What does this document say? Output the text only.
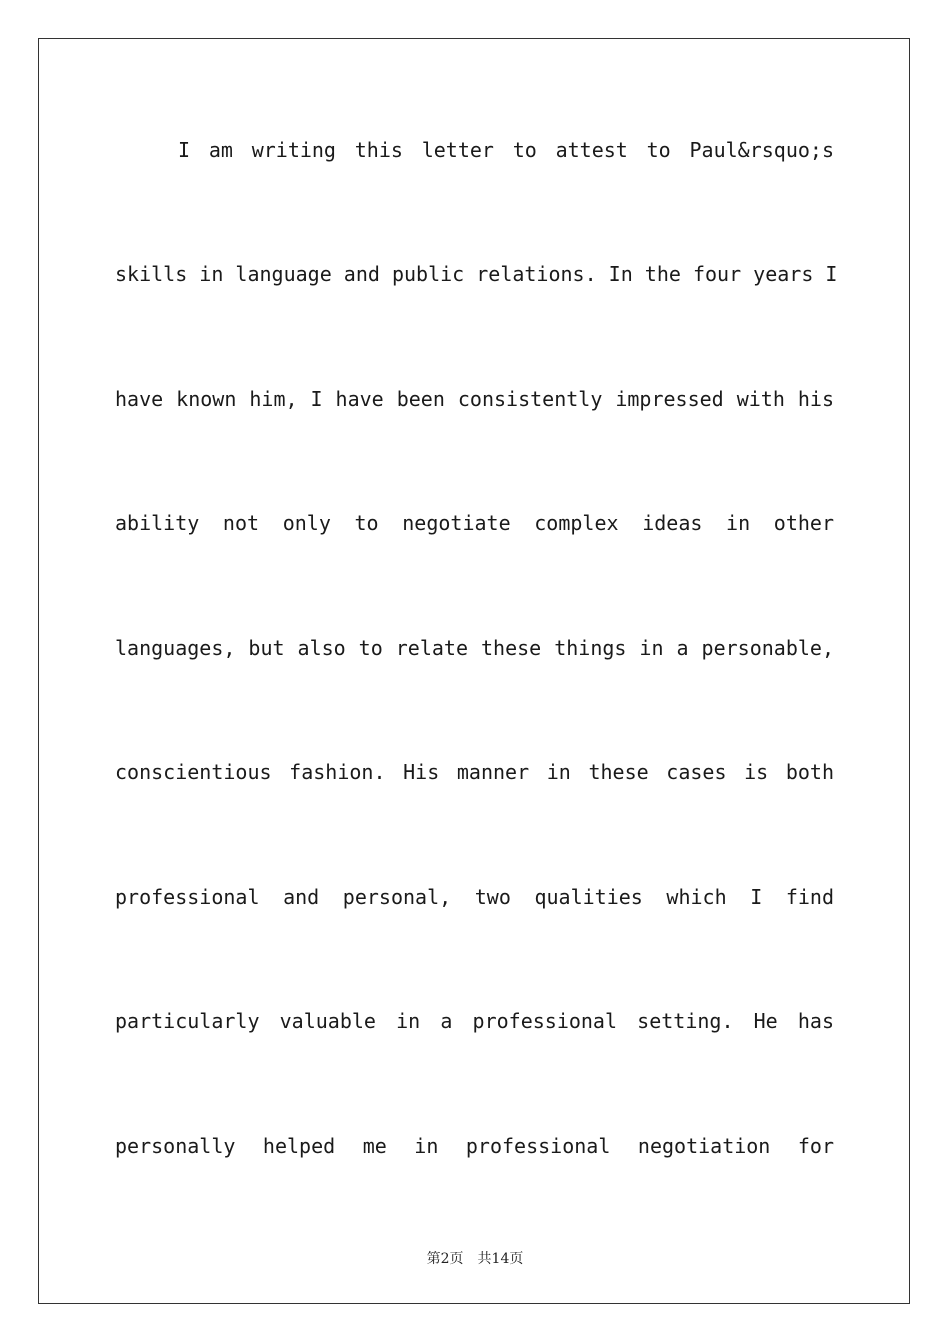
I am writing this letter to attest to Paul&rsquo;s
skills in language and public relations. In the four years I
have known him, I have been consistently impressed with his
ability not only to negotiate complex ideas in other
languages, but also to relate these things in a personable,
conscientious fashion. His manner in these cases is both
professional and personal, two qualities which I find
particularly valuable in a professional setting. He has
personally helped me in professional negotiation for
第2页　共14页
